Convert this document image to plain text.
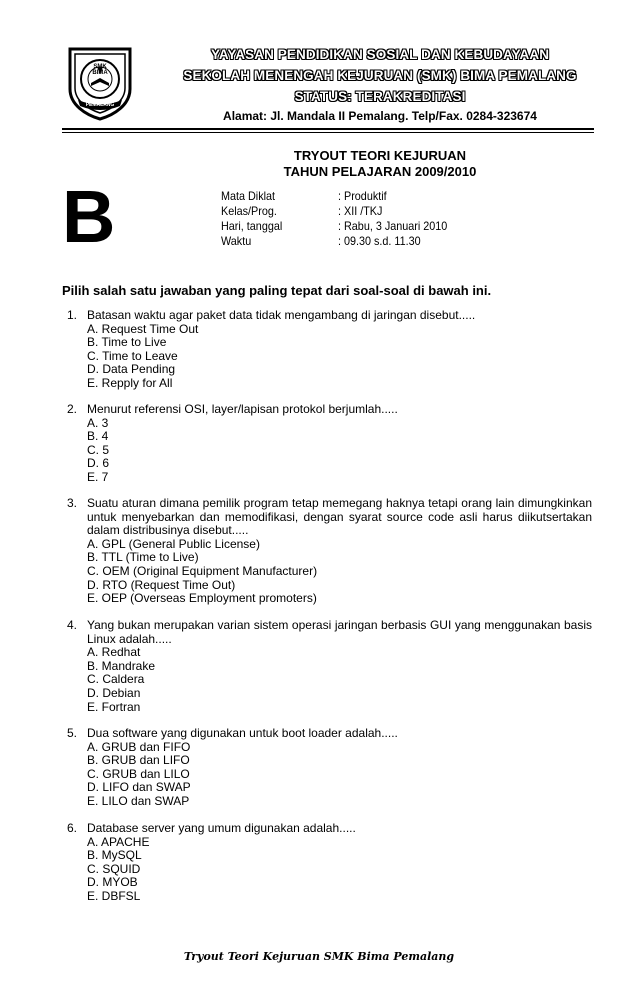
SMK BIMA
PEMALANG
YAYASAN PENDIDIKAN SOSIAL DAN KEBUDAYAAN
SEKOLAH MENENGAH KEJURUAN (SMK) BIMA PEMALANG
STATUS: TERAKREDITASI
Alamat: Jl. Mandala II Pemalang. Telp/Fax. 0284-323674
TRYOUT TEORI KEJURUAN
TAHUN PELAJARAN 2009/2010
B	Mata Diklat	: Produktif
Kelas/Prog.	: XII /TKJ
Hari, tanggal	: Rabu, 3 Januari 2010
Waktu	: 09.30 s.d. 11.30
Pilih salah satu jawaban yang paling tepat dari soal-soal di bawah ini.
1. Batasan waktu agar paket data tidak mengambang di jaringan disebut.....
A. Request Time Out
B. Time to Live
C. Time to Leave
D. Data Pending
E. Repply for All
2. Menurut referensi OSI, layer/lapisan protokol berjumlah.....
A. 3
B. 4
C. 5
D. 6
E. 7
3. Suatu aturan dimana pemilik program tetap memegang haknya tetapi orang lain dimungkinkan untuk menyebarkan dan memodifikasi, dengan syarat source code asli harus diikutsertakan dalam distribusinya disebut.....
A. GPL (General Public License)
B. TTL (Time to Live)
C. OEM (Original Equipment Manufacturer)
D. RTO (Request Time Out)
E. OEP (Overseas Employment promoters)
4. Yang bukan merupakan varian sistem operasi jaringan berbasis GUI yang menggunakan basis Linux adalah.....
A. Redhat
B. Mandrake
C. Caldera
D. Debian
E. Fortran
5. Dua software yang digunakan untuk boot loader adalah.....
A. GRUB dan FIFO
B. GRUB dan LIFO
C. GRUB dan LILO
D. LIFO dan SWAP
E. LILO dan SWAP
6. Database server yang umum digunakan adalah.....
A. APACHE
B. MySQL
C. SQUID
D. MYOB
E. DBFSL
Tryout Teori Kejuruan SMK Bima Pemalang
